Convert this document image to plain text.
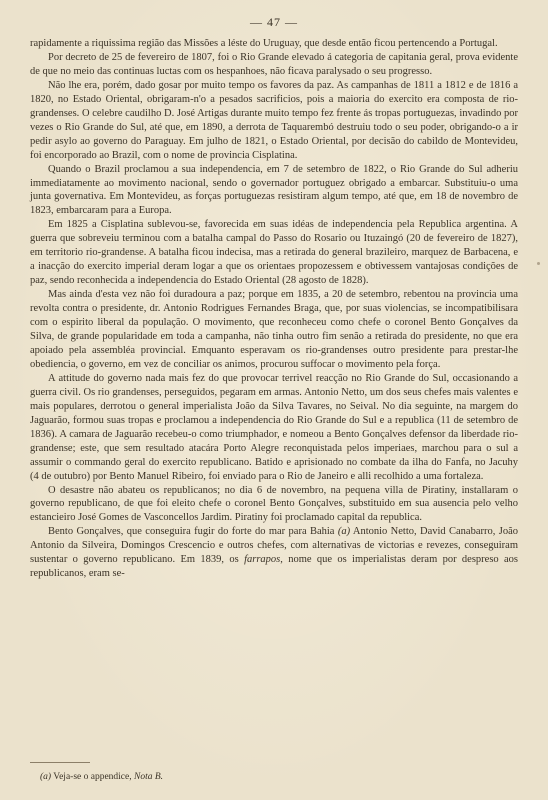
— 47 —

rapidamente a riquissima região das Missões a léste do Uruguay, que desde então ficou pertencendo a Portugal.

Por decreto de 25 de fevereiro de 1807, foi o Rio Grande elevado á categoria de capitania geral, prova evidente de que no meio das continuas luctas com os hespanhoes, não ficava paralysado o seu progresso.

Não lhe era, porém, dado gosar por muito tempo os favores da paz. As campanhas de 1811 a 1812 e de 1816 a 1820, no Estado Oriental, obrigaram-n'o a pesados sacrificios, pois a maioria do exercito era composta de rio-grandenses. O celebre caudilho D. José Artigas durante muito tempo fez frente ás tropas portuguezas, invadindo por vezes o Rio Grande do Sul, até que, em 1890, a derrota de Taquarembó destruiu todo o seu poder, obrigando-o a ir pedir asylo ao governo do Paraguay. Em julho de 1821, o Estado Oriental, por decisão do cabildo de Montevideu, foi encorporado ao Brazil, com o nome de provincia Cisplatina.

Quando o Brazil proclamou a sua independencia, em 7 de setembro de 1822, o Rio Grande do Sul adheriu immediatamente ao movimento nacional, sendo o governador portuguez obrigado a embarcar. Substituiu-o uma junta governativa. Em Montevideu, as forças portuguezas resistiram algum tempo, até que, em 18 de novembro de 1823, embarcaram para a Europa.

Em 1825 a Cisplatina sublevou-se, favorecida em suas idéas de independencia pela Republica argentina. A guerra que sobreveiu terminou com a batalha campal do Passo do Rosario ou Ituzaingó (20 de fevereiro de 1827), em territorio rio-grandense. A batalha ficou indecisa, mas a retirada do general brazileiro, marquez de Barbacena, e a inacção do exercito imperial deram logar a que os orientaes propozessem e obtivessem vantajosas condições de paz, sendo reconhecida a independencia do Estado Oriental (28 agosto de 1828).

Mas ainda d'esta vez não foi duradoura a paz; porque em 1835, a 20 de setembro, rebentou na provincia uma revolta contra o presidente, dr. Antonio Rodrigues Fernandes Braga, que, por suas violencias, se incompatibilisara com o espirito liberal da população. O movimento, que reconheceu como chefe o coronel Bento Gonçalves da Silva, de grande popularidade em toda a campanha, não tinha outro fim senão a retirada do presidente, no que era apoiado pela assembléa provincial. Emquanto esperavam os rio-grandenses outro presidente para prestar-lhe obediencia, o governo, em vez de conciliar os animos, procurou suffocar o movimento pela força.

A attitude do governo nada mais fez do que provocar terrivel reacção no Rio Grande do Sul, occasionando a guerra civil. Os rio grandenses, perseguidos, pegaram em armas. Antonio Netto, um dos seus chefes mais valentes e mais populares, derrotou o general imperialista João da Silva Tavares, no Seival. No dia seguinte, na margem do Jaguarão, formou suas tropas e proclamou a independencia do Rio Grande do Sul e a republica (11 de setembro de 1836). A camara de Jaguarão recebeu-o como triumphador, e nomeou a Bento Gonçalves defensor da liberdade rio-grandense; este, que sem resultado atacára Porto Alegre reconquistada pelos imperiaes, marchou para o sul a assumir o commando geral do exercito republicano. Batido e aprisionado no combate da ilha do Fanfa, no Jacuhy (4 de outubro) por Bento Manuel Ribeiro, foi enviado para o Rio de Janeiro e alli recolhido a uma fortaleza.

O desastre não abateu os republicanos; no dia 6 de novembro, na pequena villa de Piratiny, installaram o governo republicano, de que foi eleito chefe o coronel Bento Gonçalves, substituido em sua ausencia pelo velho estancieiro José Gomes de Vasconcellos Jardim. Piratiny foi proclamado capital da republica.

Bento Gonçalves, que conseguira fugir do forte do mar para Bahia (a) Antonio Netto, David Canabarro, João Antonio da Silveira, Domingos Crescencio e outros chefes, com alternativas de victorias e revezes, conseguiram sustentar o governo republicano. Em 1839, os farrapos, nome que os imperialistas deram por despreso aos republicanos, eram se-

(a) Veja-se o appendice, Nota B.
